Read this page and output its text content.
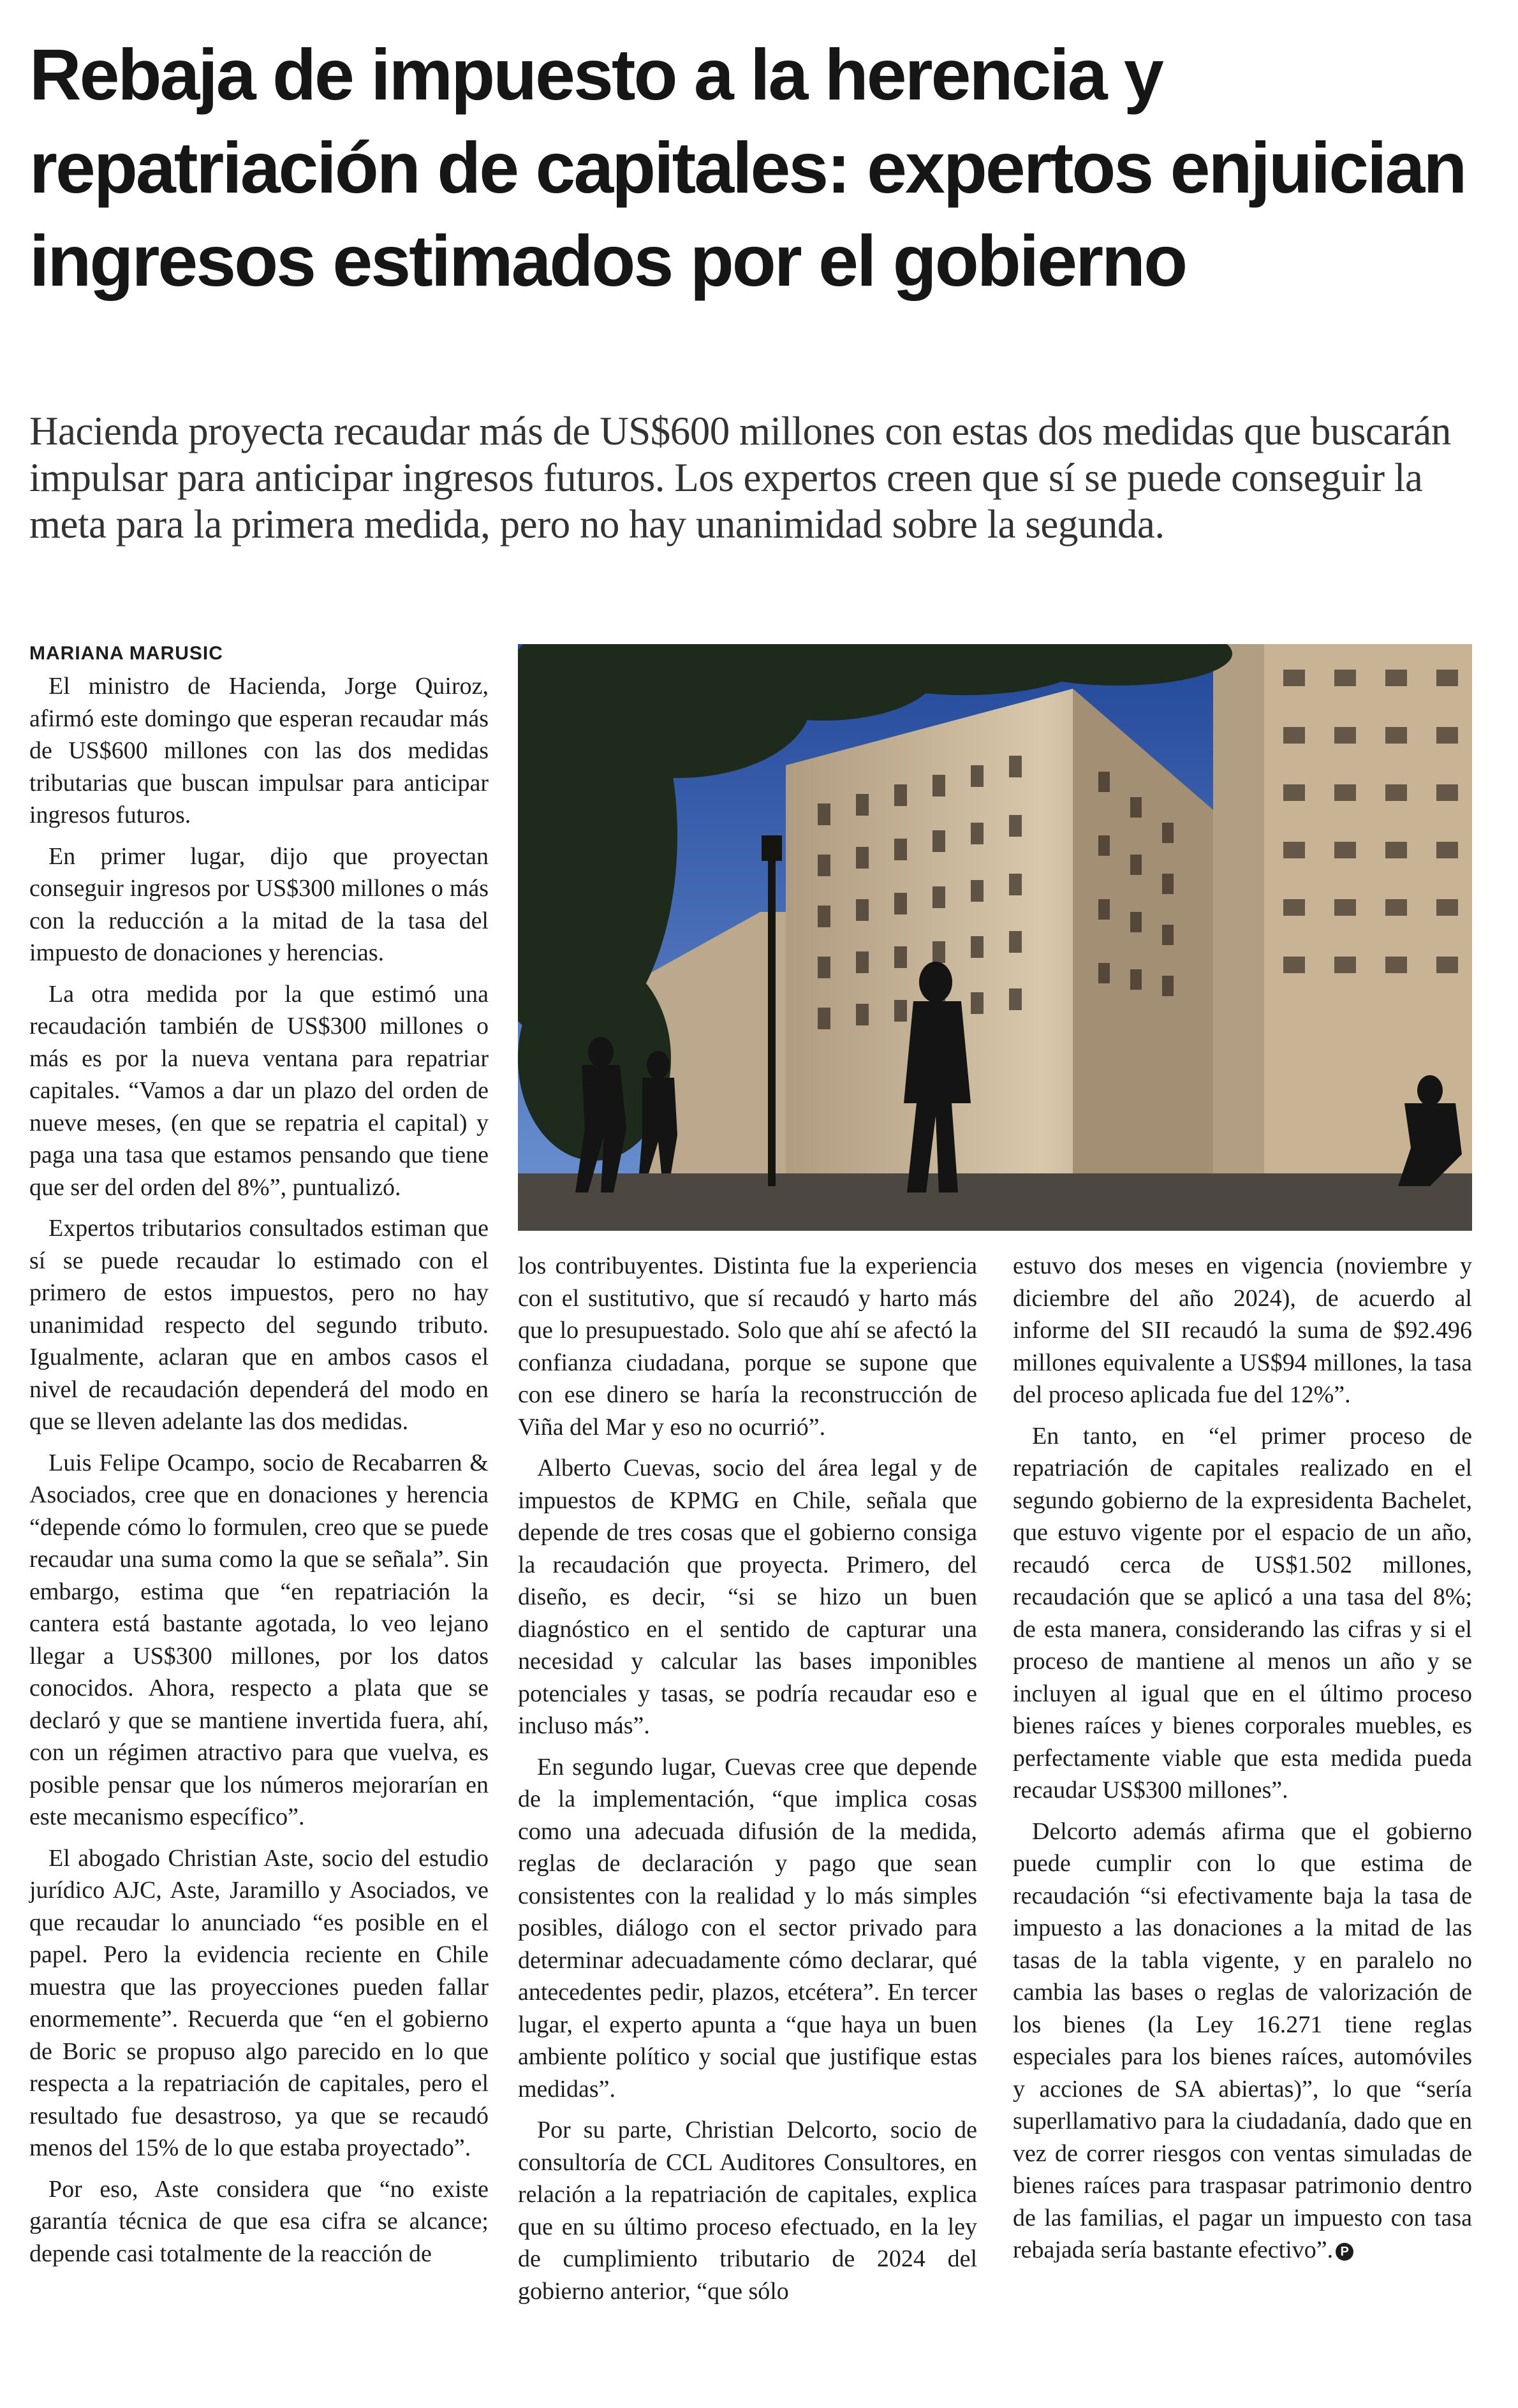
Rebaja de impuesto a la herencia y repatriación de capitales: expertos enjuician ingresos estimados por el gobierno

Hacienda proyecta recaudar más de US$600 millones con estas dos medidas que buscarán impulsar para anticipar ingresos futuros. Los expertos creen que sí se puede conseguir la meta para la primera medida, pero no hay unanimidad sobre la segunda.

MARIANA MARUSIC

El ministro de Hacienda, Jorge Quiroz, afirmó este domingo que esperan recaudar más de US$600 millones con las dos medidas tributarias que buscan impulsar para anticipar ingresos futuros.

En primer lugar, dijo que proyectan conseguir ingresos por US$300 millones o más con la reducción a la mitad de la tasa del impuesto de donaciones y herencias.

La otra medida por la que estimó una recaudación también de US$300 millones o más es por la nueva ventana para repatriar capitales. “Vamos a dar un plazo del orden de nueve meses, (en que se repatria el capital) y paga una tasa que estamos pensando que tiene que ser del orden del 8%”, puntualizó.

Expertos tributarios consultados estiman que sí se puede recaudar lo estimado con el primero de estos impuestos, pero no hay unanimidad respecto del segundo tributo. Igualmente, aclaran que en ambos casos el nivel de recaudación dependerá del modo en que se lleven adelante las dos medidas.

Luis Felipe Ocampo, socio de Recabarren & Asociados, cree que en donaciones y herencia “depende cómo lo formulen, creo que se puede recaudar una suma como la que se señala”. Sin embargo, estima que “en repatriación la cantera está bastante agotada, lo veo lejano llegar a US$300 millones, por los datos conocidos. Ahora, respecto a plata que se declaró y que se mantiene invertida fuera, ahí, con un régimen atractivo para que vuelva, es posible pensar que los números mejorarían en este mecanismo específico”.

El abogado Christian Aste, socio del estudio jurídico AJC, Aste, Jaramillo y Asociados, ve que recaudar lo anunciado “es posible en el papel. Pero la evidencia reciente en Chile muestra que las proyecciones pueden fallar enormemente”. Recuerda que “en el gobierno de Boric se propuso algo parecido en lo que respecta a la repatriación de capitales, pero el resultado fue desastroso, ya que se recaudó menos del 15% de lo que estaba proyectado”.

Por eso, Aste considera que “no existe garantía técnica de que esa cifra se alcance; depende casi totalmente de la reacción de

los contribuyentes. Distinta fue la experiencia con el sustitutivo, que sí recaudó y harto más que lo presupuestado. Solo que ahí se afectó la confianza ciudadana, porque se supone que con ese dinero se haría la reconstrucción de Viña del Mar y eso no ocurrió”.

Alberto Cuevas, socio del área legal y de impuestos de KPMG en Chile, señala que depende de tres cosas que el gobierno consiga la recaudación que proyecta. Primero, del diseño, es decir, “si se hizo un buen diagnóstico en el sentido de capturar una necesidad y calcular las bases imponibles potenciales y tasas, se podría recaudar eso e incluso más”.

En segundo lugar, Cuevas cree que depende de la implementación, “que implica cosas como una adecuada difusión de la medida, reglas de declaración y pago que sean consistentes con la realidad y lo más simples posibles, diálogo con el sector privado para determinar adecuadamente cómo declarar, qué antecedentes pedir, plazos, etcétera”. En tercer lugar, el experto apunta a “que haya un buen ambiente político y social que justifique estas medidas”.

Por su parte, Christian Delcorto, socio de consultoría de CCL Auditores Consultores, en relación a la repatriación de capitales, explica que en su último proceso efectuado, en la ley de cumplimiento tributario de 2024 del gobierno anterior, “que sólo

estuvo dos meses en vigencia (noviembre y diciembre del año 2024), de acuerdo al informe del SII recaudó la suma de $92.496 millones equivalente a US$94 millones, la tasa del proceso aplicada fue del 12%”.

En tanto, en “el primer proceso de repatriación de capitales realizado en el segundo gobierno de la expresidenta Bachelet, que estuvo vigente por el espacio de un año, recaudó cerca de US$1.502 millones, recaudación que se aplicó a una tasa del 8%; de esta manera, considerando las cifras y si el proceso de mantiene al menos un año y se incluyen al igual que en el último proceso bienes raíces y bienes corporales muebles, es perfectamente viable que esta medida pueda recaudar US$300 millones”.

Delcorto además afirma que el gobierno puede cumplir con lo que estima de recaudación “si efectivamente baja la tasa de impuesto a las donaciones a la mitad de las tasas de la tabla vigente, y en paralelo no cambia las bases o reglas de valorización de los bienes (la Ley 16.271 tiene reglas especiales para los bienes raíces, automóviles y acciones de SA abiertas)”, lo que “sería superllamativo para la ciudadanía, dado que en vez de correr riesgos con ventas simuladas de bienes raíces para traspasar patrimonio dentro de las familias, el pagar un impuesto con tasa rebajada sería bastante efectivo”. P
